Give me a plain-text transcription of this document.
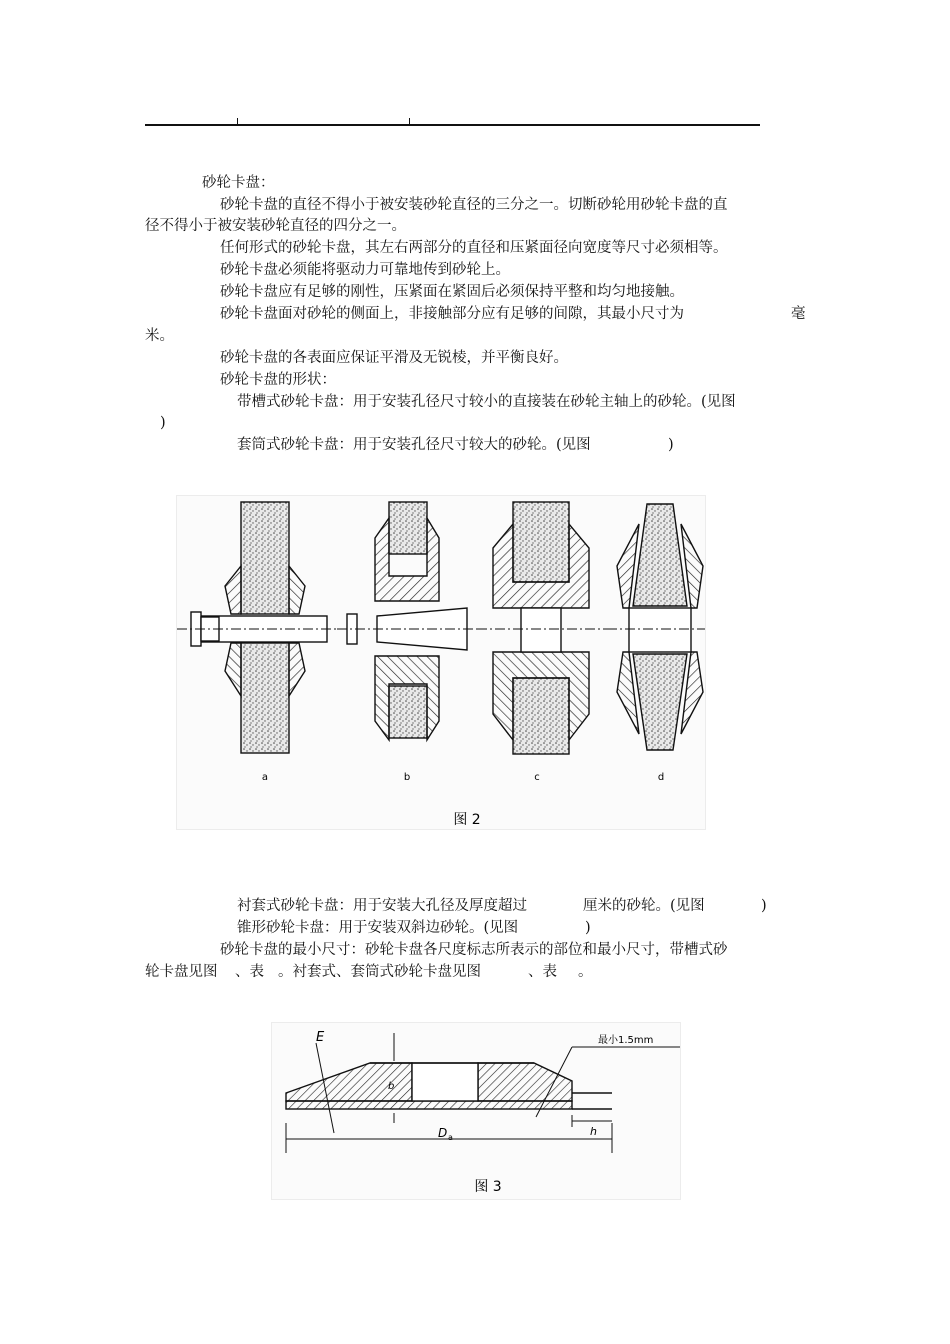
砂轮卡盘：
砂轮卡盘的直径不得小于被安装砂轮直径的三分之一。切断砂轮用砂轮卡盘的直
径不得小于被安装砂轮直径的四分之一。
任何形式的砂轮卡盘，其左右两部分的直径和压紧面径向宽度等尺寸必须相等。
砂轮卡盘必须能将驱动力可靠地传到砂轮上。
砂轮卡盘应有足够的刚性，压紧面在紧固后必须保持平整和均匀地接触。
砂轮卡盘面对砂轮的侧面上，非接触部分应有足够的间隙，其最小尺寸为	毫
米。
砂轮卡盘的各表面应保证平滑及无锐棱，并平衡良好。
砂轮卡盘的形状：
带槽式砂轮卡盘：用于安装孔径尺寸较小的直接装在砂轮主轴上的砂轮。(见图
)
套筒式砂轮卡盘：用于安装孔径尺寸较大的砂轮。(见图	)
a	b	c	d
图 2
衬套式砂轮卡盘：用于安装大孔径及厚度超过	厘米的砂轮。(见图	)
锥形砂轮卡盘：用于安装双斜边砂轮。(见图	)
砂轮卡盘的最小尺寸：砂轮卡盘各尺度标志所表示的部位和最小尺寸，带槽式砂
轮卡盘见图 、表 。衬套式、套筒式砂轮卡盘见图	、表 。
E
b
最小1.5mm
D a	h
图 3
